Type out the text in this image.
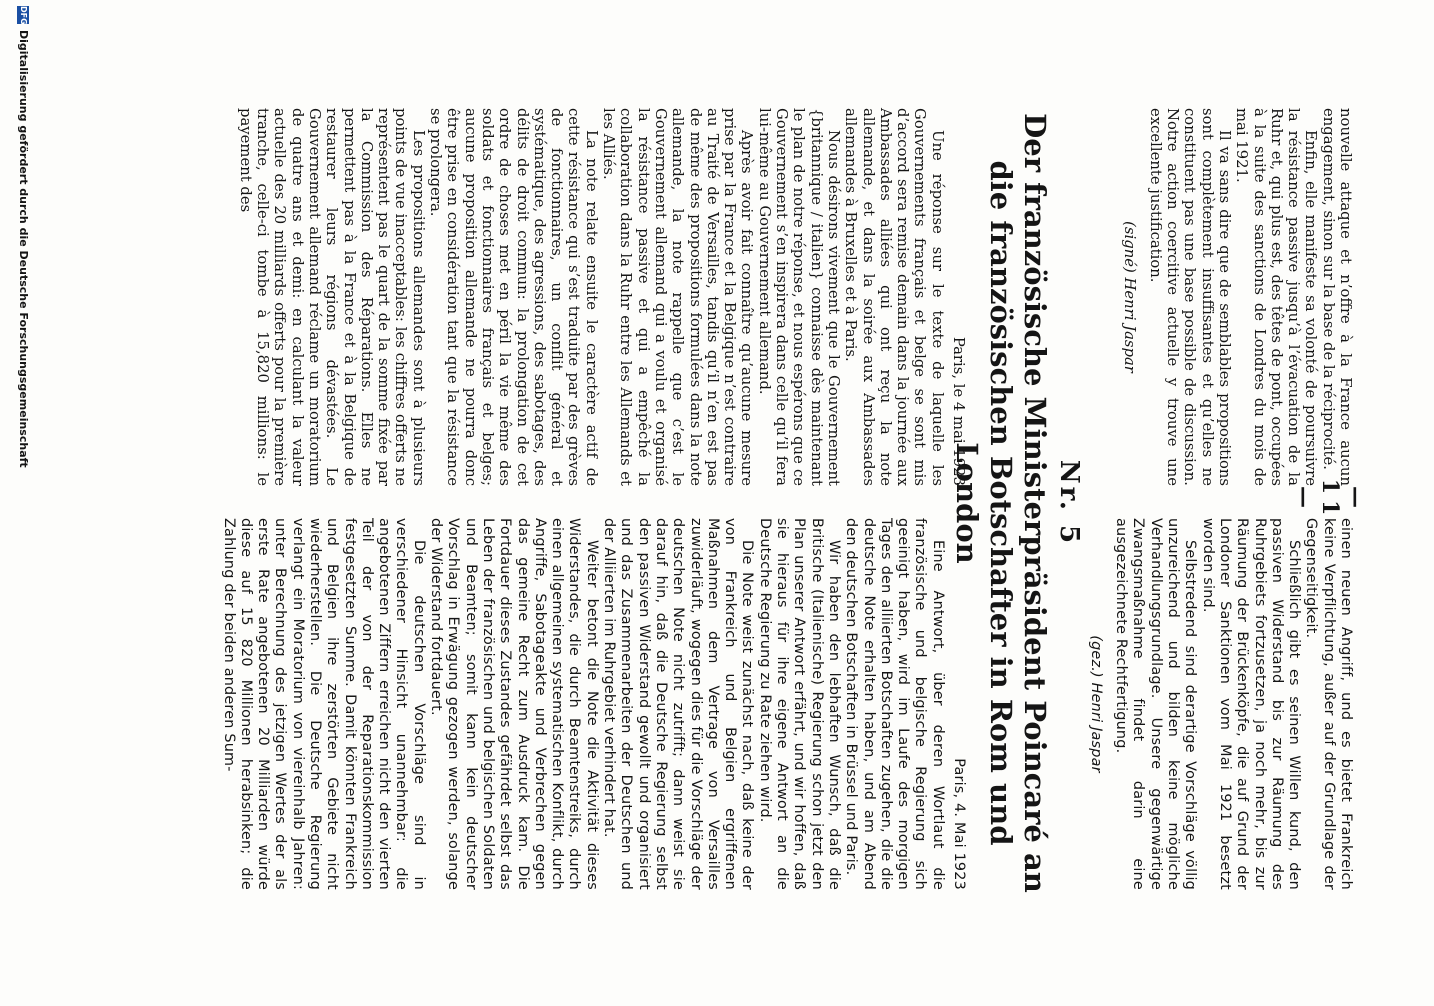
— 11 —

nouvelle attaque et n’offre à la France aucun engagement, sinon sur la base de la réciprocité.

Enfin, elle manifeste sa volonté de poursuivre la résistance passive jusqu’à l’évacuation de la Ruhr et, qui plus est, des têtes de pont, occupées à la suite des sanctions de Londres du mois de mai 1921.

Il va sans dire que de semblables propositions sont complètement insuffisantes et qu’elles ne constituent pas une base possible de discussion. Notre action coercitive actuelle y trouve une excellente justification.

(signé) Henri Jaspar

einen neuen Angriff, und es bietet Frankreich keine Verpflichtung, außer auf der Grundlage der Gegenseitigkeit.

Schließlich gibt es seinen Willen kund, den passiven Widerstand bis zur Räumung des Ruhrgebiets fortzusetzen, ja noch mehr, bis zur Räumung der Brückenköpfe, die auf Grund der Londoner Sanktionen vom Mai 1921 besetzt worden sind.

Selbstredend sind derartige Vorschläge völlig unzureichend und bilden keine mögliche Verhandlungsgrundlage. Unsere gegenwärtige Zwangsmaßnahme findet darin eine ausgezeichnete Rechtfertigung.

(gez.) Henri Jaspar

Nr. 5
Der französische Ministerpräsident Poincaré an die französischen Botschafter in Rom und London

Paris, le 4 mai 1923

Une réponse sur le texte de laquelle les Gouvernements français et belge se sont mis d’accord sera remise demain dans la journée aux Ambassades alliées qui ont reçu la note allemande, et dans la soirée aux Ambassades allemandes à Bruxelles et à Paris.

Nous désirons vivement que le Gouvernement {britannique / italien} connaisse dès maintenant le plan de notre réponse, et nous espérons que ce Gouvernement s’en inspirera dans celle qu’il fera lui-même au Gouvernement allemand.

Après avoir fait connaître qu’aucune mesure prise par la France et la Belgique n’est contraire au Traité de Versailles, tandis qu’il n’en est pas de même des propositions formulées dans la note allemande, la note rappelle que c’est le Gouvernement allemand qui a voulu et organisé la résistance passive et qui a empêché la collaboration dans la Ruhr entre les Allemands et les Alliés.

La note relate ensuite le caractère actif de cette résistance qui s’est traduite par des grèves de fonctionnaires, un conflit général et systématique, des agressions, des sabotages, des délits de droit commun: la prolongation de cet ordre de choses met en péril la vie même des soldats et fonctionnaires français et belges; aucune proposition allemande ne pourra donc être prise en considération tant que la résistance se prolongera.

Les propositions allemandes sont à plusieurs points de vue inacceptables: les chiffres offerts ne représentent pas le quart de la somme fixée par la Commission des Réparations. Elles ne permettent pas à la France et à la Belgique de restaurer leurs régions dévastées. Le Gouvernement allemand réclame un moratorium de quatre ans et demi: en calculant la valeur actuelle des 20 milliards offerts pour la première tranche, celle-ci tombe à 15,820 millions: le payement des

Paris, 4. Mai 1923

Eine Antwort, über deren Wortlaut die französische und belgische Regierung sich geeinigt haben, wird im Laufe des morgigen Tages den alliierten Botschaften zugehen, die die deutsche Note erhalten haben, und am Abend den deutschen Botschaften in Brüssel und Paris.

Wir haben den lebhaften Wunsch, daß die Britische (Italienische) Regierung schon jetzt den Plan unserer Antwort erfährt, und wir hoffen, daß sie hieraus für ihre eigene Antwort an die Deutsche Regierung zu Rate ziehen wird.

Die Note weist zunächst nach, daß keine der von Frankreich und Belgien ergriffenen Maßnahmen dem Vertrage von Versailles zuwiderläuft, wogegen dies für die Vorschläge der deutschen Note nicht zutrifft; dann weist sie darauf hin, daß die Deutsche Regierung selbst den passiven Widerstand gewollt und organisiert und das Zusammenarbeiten der Deutschen und der Alliierten im Ruhrgebiet verhindert hat.

Weiter betont die Note die Aktivität dieses Widerstandes, die durch Beamtenstreiks, durch einen allgemeinen systematischen Konflikt, durch Angriffe, Sabotageakte und Verbrechen gegen das gemeine Recht zum Ausdruck kam. Die Fortdauer dieses Zustandes gefährdet selbst das Leben der französischen und belgischen Soldaten und Beamten; somit kann kein deutscher Vorschlag in Erwägung gezogen werden, solange der Widerstand fortdauert.

Die deutschen Vorschläge sind in verschiedener Hinsicht unannehmbar: die angebotenen Ziffern erreichen nicht den vierten Teil der von der Reparationskommission festgesetzten Summe. Damit könnten Frankreich und Belgien ihre zerstörten Gebiete nicht wiederherstellen. Die Deutsche Regierung verlangt ein Moratorium von viereinhalb Jahren: unter Berechnung des jetzigen Wertes der als erste Rate angebotenen 20 Milliarden würde diese auf 15 820 Millionen herabsinken; die Zahlung der beiden anderen Sum-

DFGDigitalisierung gefördert durch die Deutsche Forschungsgemeinschaft
